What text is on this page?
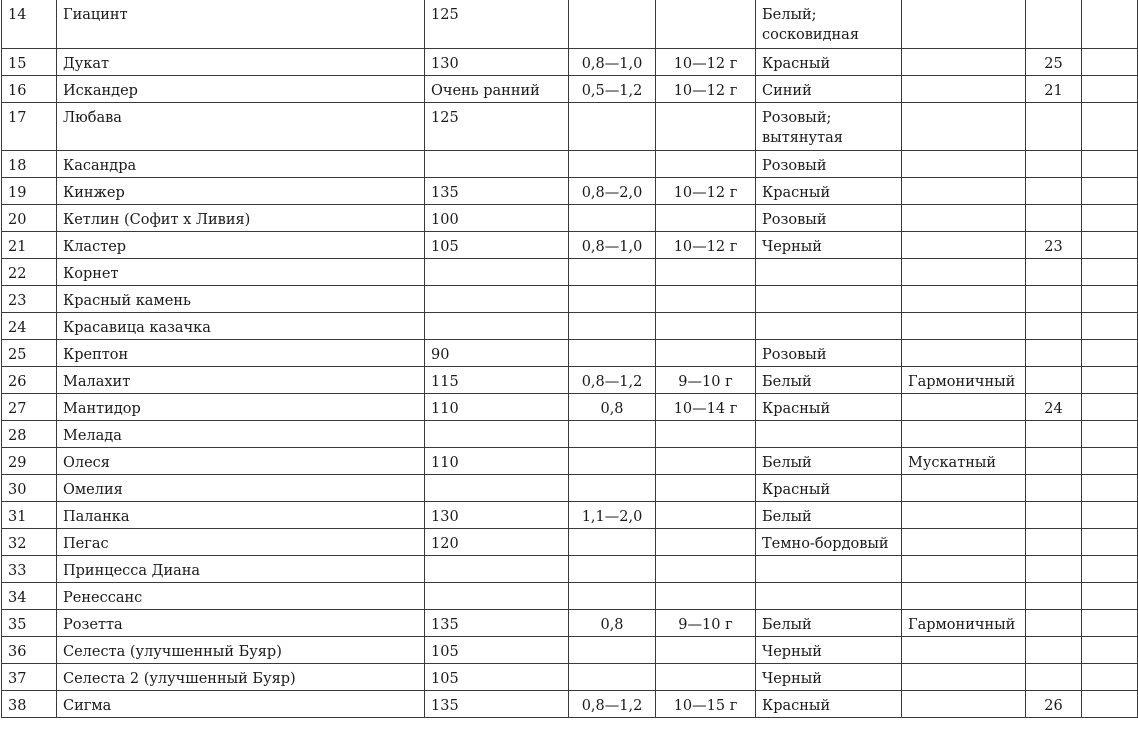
14	Гиацинт	125			Белый; сосковидная			
15	Дукат	130	0,8—1,0	10—12 г	Красный		25	
16	Искандер	Очень ранний	0,5—1,2	10—12 г	Синий		21	
17	Любава	125			Розовый; вытянутая			
18	Касандра				Розовый			
19	Кинжер	135	0,8—2,0	10—12 г	Красный			
20	Кетлин (Софит х Ливия)	100			Розовый			
21	Кластер	105	0,8—1,0	10—12 г	Черный		23	
22	Корнет							
23	Красный камень							
24	Красавица казачка							
25	Крептон	90			Розовый			
26	Малахит	115	0,8—1,2	9—10 г	Белый	Гармоничный		
27	Мантидор	110	0,8	10—14 г	Красный		24	
28	Мелада							
29	Олеся	110			Белый	Мускатный		
30	Омелия				Красный			
31	Паланка	130	1,1—2,0		Белый			
32	Пегас	120			Темно-бордовый			
33	Принцесса Диана							
34	Ренессанс							
35	Розетта	135	0,8	9—10 г	Белый	Гармоничный		
36	Селеста (улучшенный Буяр)	105			Черный			
37	Селеста 2 (улучшенный Буяр)	105			Черный			
38	Сигма	135	0,8—1,2	10—15 г	Красный		26	
